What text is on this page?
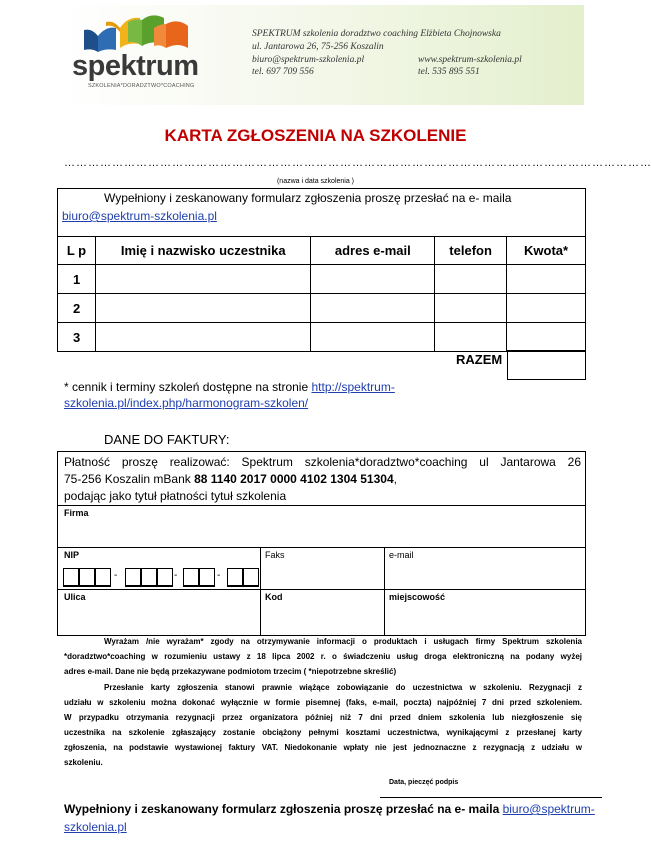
spektrum
SZKOLENIA*DORADZTWO*COACHING
SPEKTRUM szkolenia doradztwo coaching Elżbieta Chojnowska
ul. Jantarowa 26, 75-256 Koszalin
biuro@spektrum-szkolenia.pl	www.spektrum-szkolenia.pl
tel. 697 709 556	tel. 535 895 551
KARTA ZGŁOSZENIA NA SZKOLENIE
…………………………………………………………………………………………………………………………………
(nazwa i data szkolenia )
Wypełniony i zeskanowany formularz zgłoszenia proszę przesłać na e- maila
biuro@spektrum-szkolenia.pl
L p	Imię i nazwisko uczestnika	adres e-mail	telefon	Kwota*
1				
2				
3				
RAZEM
* cennik i terminy szkoleń dostępne na stronie http://spektrum-
szkolenia.pl/index.php/harmonogram-szkolen/
DANE DO FAKTURY:
Płatność proszę realizować: Spektrum szkolenia*doradztwo*coaching ul Jantarowa 26
75-256 Koszalin mBank 88 1140 2017 0000 4102 1304 51304,
podając jako tytuł płatności tytuł szkolenia
Firma
NIP	Faks	e-mail
-	-	-
Ulica	Kod	miejscowość
Wyrażam /nie wyrażam* zgody na otrzymywanie informacji o produktach i usługach firmy Spektrum szkolenia
*doradztwo*coaching w rozumieniu ustawy z 18 lipca 2002 r. o świadczeniu usług droga elektroniczną na podany wyżej
adres e-mail. Dane nie będą przekazywane podmiotom trzecim ( *niepotrzebne skreślić)
Przesłanie karty zgłoszenia stanowi prawnie wiążące zobowiązanie do uczestnictwa w szkoleniu. Rezygnacji z
udziału w szkoleniu można dokonać wyłącznie w formie pisemnej (faks, e-mail, poczta) najpóźniej 7 dni przed szkoleniem.
W przypadku otrzymania rezygnacji przez organizatora później niż 7 dni przed dniem szkolenia lub niezgłoszenie się
uczestnika na szkolenie zgłaszający zostanie obciążony pełnymi kosztami uczestnictwa, wynikającymi z przesłanej karty
zgłoszenia, na podstawie wystawionej faktury VAT. Niedokonanie wpłaty nie jest jednoznaczne z rezygnacją z udziału w
szkoleniu.
Data, pieczęć podpis
Wypełniony i zeskanowany formularz zgłoszenia proszę przesłać na e- maila biuro@spektrum-
szkolenia.pl
